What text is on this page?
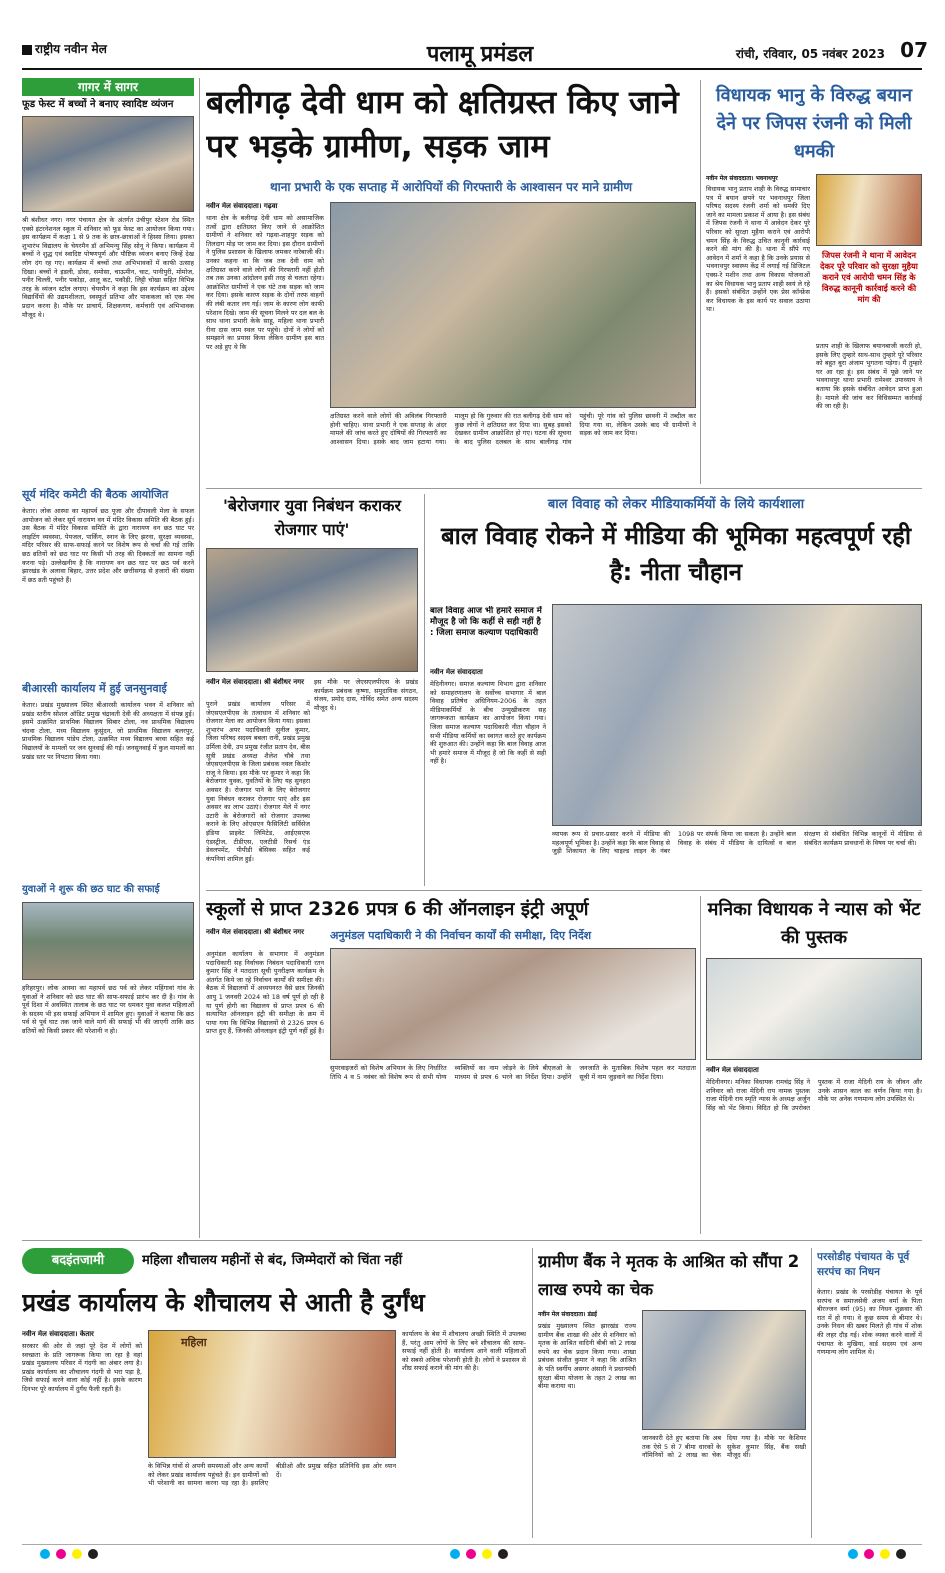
राष्ट्रीय नवीन मेल	पलामू प्रमंडल	रांची, रविवार, 05 नवंबर 2023 07
गागर में सागर
फूड फेस्ट में बच्चों ने बनाए स्वादिष्ट व्यंजन
श्री बंशीधर नगर। नगर पंचायत क्षेत्र के अंतर्गत उंचीपुर स्टेशन रोड स्थित एक्से इंटरनेशनल स्कूल में शनिवार को फूड फेस्ट का आयोजन किया गया। इस कार्यक्रम में कक्षा 1 से 9 तक के छात्र-छात्राओं ने हिस्सा लिया। इसका शुभारंभ विद्यालय के चेयरमैन डॉ अभिमन्यु सिंह सोनू ने किया। कार्यक्रम में बच्चों ने शुद्ध एवं स्वादिष्ट पोषणपूर्ण और पौष्टिक व्यंजन बनाए जिन्हें देख लोग दंग रह गए। कार्यक्रम में बच्चों तथा अभिभावकों में काफी उत्साह दिखा। बच्चों ने इडली, डोसा, समोसा, चाऊमीन, चाट, पानीपुरी, मोमोज, पनीर चिल्ली, पनीर पकोड़ा, आलू कट, पकौड़ी, लिट्टी चोखा सहित विभिन्न तरह के व्यंजन स्टॉल लगाए। चेयरमैन ने कहा कि इस कार्यक्रम का उद्देश्य विद्यार्थियों की उद्यमशीलता, स्वस्फूर्त प्रतिभा और पाककला को एक मंच प्रदान करना है। मौके पर प्राचार्य, शिक्षकगण, कर्मचारी एवं अभिभावक मौजूद थे।
सूर्य मंदिर कमेटी की बैठक आयोजित
केतार। लोक आस्था का महापर्व छठ पूजा और दीपावली मेला के सफल आयोजन को लेकर सूर्य नारायण वन में मंदिर विकास समिति की बैठक हुई। उस बैठक में मंदिर विकास समिति के द्वारा नारायण वन छठ घाट पर लाइटिंग व्यवस्था, पेयजल, पार्किंग, स्नान के लिए झरना, सुरक्षा व्यवस्था, मंदिर परिसर की साफ-सफाई करने पर विशेष रूप से चर्चा की गई ताकि छठ व्रतियों को छठ घाट पर किसी भी तरह की दिक्कतों का सामना नहीं करना पड़े। उल्लेखनीय है कि नारायण वन छठ घाट पर छठ पर्व करने झारखंड के अलावा बिहार, उत्तर प्रदेश और छत्तीसगढ़ से हजारों की संख्या में छठ व्रती पहुंचते हैं।
बीआरसी कार्यालय में हुई जनसुनवाई
केतार। प्रखंड मुख्यालय स्थित बीआरसी कार्यालय भवन में शनिवार को प्रखंड स्तरीय सोशल ऑडिट प्रमुख चंद्रावती देवी की अध्यक्षता में संपन्न हुई। इसमें उत्क्रमित प्राथमिक विद्यालय सिबार टोला, नव प्राथमिक विद्यालय चंदवा टोला, मध्य विद्यालय कुसुंदन, जो प्राथमिक विद्यालय बलरपुर, प्राथमिक विद्यालय पांडेय टोला, उत्क्रमित मध्य विद्यालय बरवा सहित कई विद्यालयों के मामलों पर जन सुनवाई की गई। जनसुनवाई में कुल मामलों का प्रखंड स्तर पर निपटारा किया गया।
युवाओं ने शुरू की छठ घाट की सफाई
हरिहरपुर। लोक आस्था का महापर्व छठ पर्व को लेकर महिंगावां गांव के युवाओं ने शनिवार को छठ घाट की साफ-सफाई प्रारंभ कर दी है। गांव के पूर्व दिशा में अवस्थित तालाब के छठ घाट पर धमकर युवा कलश महिलाओं के सदस्य भी इस सफाई अभियान में शामिल हुए। युवाओं ने बताया कि छठ पर्व से पूर्व घाट तक जाने वाले मार्ग की सफाई भी की जाएगी ताकि छठ व्रतियों को किसी प्रकार की परेशानी न हो।
बलीगढ़ देवी धाम को क्षतिग्रस्त किए जाने पर भड़के ग्रामीण, सड़क जाम
थाना प्रभारी के एक सप्ताह में आरोपियों की गिरफ्तारी के आश्वासन पर माने ग्रामीण
नवीन मेल संवाददाता। गढ़वा
थाना क्षेत्र के बलीगढ़ देवी धाम को असामाजिक तत्वों द्वारा क्षतिग्रस्त किए जाने से आक्रोशित ग्रामीणों ने शनिवार को गढ़वा-शाहपुर सड़क को तिलदाग मोड़ पर जाम कर दिया। इस दौरान ग्रामीणों ने पुलिस प्रशासन के खिलाफ जमकर नारेबाजी की। उनका कहना था कि जब तक देवी धाम को क्षतिग्रस्त करने वाले लोगों की गिरफ्तारी नहीं होती तब तक उनका आंदोलन इसी तरह से चलता रहेगा। आक्रोशित ग्रामीणों ने एक घंटे तक सड़क को जाम कर दिया। इसके कारण सड़क के दोनों तरफ वाहनों की लंबी कतार लग गई। जाम के कारण लोग काफी परेशान दिखे। जाम की सूचना मिलने पर दल बल के साथ थाना प्रभारी केके साहू, महिला थाना प्रभारी रीना दास जाम स्थल पर पहुंचे। दोनों ने लोगों को समझाने का प्रयास किया लेकिन ग्रामीण इस बात पर अड़े हुए थे कि
क्षतिग्रस्त करने वाले लोगों की अविलंब गिरफ्तारी होनी चाहिए। थाना प्रभारी ने एक सप्ताह के अंदर मामले की जांच करते हुए दोषियों की गिरफ्तारी का आश्वासन दिया। इसके बाद जाम हटाया गया। मालूम हो कि गुरुवार की रात बलीगढ़ देवी धाम को कुछ लोगों ने क्षतिग्रस्त कर दिया था। सुबह इसको देखकर ग्रामीण आक्रोशित हो गए। घटना की सूचना के बाद पुलिस दलबल के साथ बालीगढ़ गांव पहुंची। पूरे गांव को पुलिस छावनी में तब्दील कर दिया गया था, लेकिन उसके बाद भी ग्रामीणों ने सड़क को जाम कर दिया।
विधायक भानु के विरुद्ध बयान देने पर जिपस रंजनी को मिली धमकी
नवीन मेल संवाददाता। भवनाथपुर
विधायक भानु प्रताप शाही के विरुद्ध सामाचार पत्र में बयान छपने पर भवनाथपुर जिला परिषद सदस्य रंजनी शर्मा को धमकी दिए जाने का मामला प्रकाश में आया है। इस संबंध में जिपस रंजनी ने थाना में आवेदन देकर पूरे परिवार को सुरक्षा मुहैया कराने एवं आरोपी चमन सिंह के विरुद्ध उचित कानूनी कार्रवाई करने की मांग की है। थाना में सौंपे गए आवेदन में शर्मा ने कहा है कि उनके प्रयास से भवनाथपुर स्वास्थ्य केंद्र में लगाई गई डिजिटल एक्स-रे मशीन तथा अन्य विकास योजनाओं का श्रेय विधायक भानु प्रताप शाही स्वयं ले रहे हैं। इसको संबंधित उन्होंने एक प्रेस कॉन्फ्रेंस कर विधायक के इस कार्य पर सवाल उठाया था।
जिपस रंजनी ने थाना में आवेदन देकर पूरे परिवार को सुरक्षा मुहैया कराने एवं आरोपी चमन सिंह के विरुद्ध कानूनी कार्रवाई करने की मांग की
प्रताप शाही के खिलाफ बयानबाजी करती हो, इसके लिए तुम्हारे साथ-साथ तुम्हारे पूरे परिवार को बहुत बुरा अंजाम भुगतना पड़ेगा। मैं तुम्हारे घर आ रहा हूं। इस संबंध में पूछे जाने पर भवनाथपुर थाना प्रभारी रामेश्वर उपाध्याय ने बताया कि इसके संबंधित आवेदन प्राप्त हुआ है। मामले की जांच कर विधिसम्मत कार्रवाई की जा रही है।
'बेरोजगार युवा निबंधन कराकर रोजगार पाएं'
नवीन मेल संवाददाता। श्री बंशीधर नगर
पुराने प्रखंड कार्यालय परिसर में जेएसएलपीएस के तत्वाधान में शनिवार को रोजगार मेला का आयोजन किया गया। इसका शुभारंभ अपर पदाधिकारी सुनील कुमार, जिला परिषद सदस्य बबला रानी, प्रखंड प्रमुख उर्मिला देवी, उप प्रमुख रंजीत प्रताप देव, बीस सूत्री प्रखंड अध्यक्ष शैलेश चौबे तथा जेएसएलपीएस के जिला प्रबंधक नवल किशोर राजू ने किया। इस मौके पर कुमार ने कहा कि बेरोजगार युवक, युवतियों के लिए यह सुनहरा अवसर है। रोजगार पाने के लिए बेरोजगार युवा निबंधन कराकर रोजगार पाएं और इस अवसर का लाभ उठाएं। रोजगार मेले में नगर उटारी के बेरोजगारों को रोजगार उपलब्ध कराने के लिए ओएसएन फैसिलिटी सर्विसेज इंडिया प्राइवेट लिमिटेड, आईएसएफ एंडस्ट्रीज, टीडीएस, एलटीडी रिसर्च एंड डेवलपमेंट, पीपीडी बेसिक्स सहित कई कंपनियां शामिल हुई।
इस मौके पर जेएसएलपीएस के प्रखंड कार्यक्रम प्रबंधक कृष्णा, समुदायिक संगठन, संजय, प्रमोद दास, गोविंद समेत अन्य सदस्य मौजूद थे।
बाल विवाह को लेकर मीडियाकर्मियों के लिये कार्यशाला
बाल विवाह रोकने में मीडिया की भूमिका महत्वपूर्ण रही है: नीता चौहान
बाल विवाह आज भी हमारे समाज में मौजूद है जो कि कहीं से सही नहीं है : जिला समाज कल्याण पदाधिकारी
नवीन मेल संवाददाता
मेदिनीनगर। समाज कल्याण विभाग द्वारा शनिवार को समाहरणालय के सर्वोच्च सभागार में बाल विवाह प्रतिषेध अधिनियम-2006 के तहत मीडियाकर्मियों के बीच उन्मुखीकरण सह जागरूकता कार्यक्रम का आयोजन किया गया। जिला समाज कल्याण पदाधिकारी नीता चौहान ने सभी मीडिया कर्मियों का स्वागत करते हुए कार्यक्रम की शुरुआत की। उन्होंने कहा कि बाल विवाह आज भी हमारे समाज में मौजूद है जो कि कहीं से सही नहीं है।
व्यापक रूप से प्रचार-प्रसार करने में मीडिया की महत्वपूर्ण भूमिका है। उन्होंने कहा कि बाल विवाह से जुड़ी शिकायत के लिए चाइल्ड लाइन के नंबर 1098 पर संपर्क किया जा सकता है। उन्होंने बाल विवाह के संबंध में मीडिया के दायित्वों व बाल संरक्षण से संबंधित विभिन्न कानूनों में मीडिया से संबंधित कार्यक्रम प्रावधानों के विषय पर चर्चा की।
स्कूलों से प्राप्त 2326 प्रपत्र 6 की ऑनलाइन इंट्री अपूर्ण
नवीन मेल संवाददाता। श्री बंशीधर नगर
अनुमंडल कार्यालय के सभागार में अनुमंडल पदाधिकारी सह निर्वाचक निबंधन पदाधिकारी रतन कुमार सिंह ने मतदाता सूची पुनरीक्षण कार्यक्रम के अंतर्गत किये जा रहे निर्वाचन कार्यों की समीक्षा की। बैठक में विद्यालयों में अध्ययनरत वैसे छात्र जिनकी आयु 1 जनवरी 2024 को 18 वर्ष पूर्ण हो रही है या पूर्ण होगी का विद्यालय से प्राप्त प्रपत्र 6 की सत्यापित ऑनलाइन इंट्री की समीक्षा के क्रम में पाया गया कि विभिन्न विद्यालयों से 2326 प्रपत्र 6 प्राप्त हुए हैं, जिनकी ऑनलाइन इंट्री पूर्ण नहीं हुई है।
अनुमंडल पदाधिकारी ने की निर्वाचन कार्यों की समीक्षा, दिए निर्देश
सुपरवाइजरों को विशेष अभियान के लिए निर्धारित तिथि 4 व 5 नवंबर को विशेष रूप से सभी योग्य व्यक्तियों का नाम जोड़ने के लिये बीएलओ के माध्यम से प्रपत्र 6 भरने का निर्देश दिया। उन्होंने जनजाति के मुताबिक विशेष पहल कर मतदाता सूची में नाम जुड़वाने का निर्देश दिया।
मनिका विधायक ने न्यास को भेंट की पुस्तक
नवीन मेल संवाददाता
मेदिनीनगर। मनिका विधायक रामचंद्र सिंह ने शनिवार को राजा मेदिनी राय नामक पुस्तक राजा मेदिनी राय स्मृति न्यास के अध्यक्ष अर्जुन सिंह को भेंट किया। विदित हो कि उपरोक्त पुस्तक में राजा मेदिनी राय के जीवन और उनके शासन काल का वर्णन किया गया है। मौके पर अनेक गणमान्य लोग उपस्थित थे।
बदइंतजामी	महिला शौचालय महीनों से बंद, जिम्मेदारों को चिंता नहीं
प्रखंड कार्यालय के शौचालय से आती है दुर्गंध
नवीन मेल संवाददाता। केतार
सरकार की ओर से जहां पूरे देश में लोगों को स्वच्छता के प्रति जागरूक किया जा रहा है वहां प्रखंड मुख्यालय परिसर में गंदगी का अंबार लगा है। प्रखंड कार्यालय का शौचालय गंदगी से भरा पड़ा है, जिसे सफाई करने वाला कोई नहीं है। इसके कारण दिनभर पूरे कार्यालय में दुर्गंध फैली रहती है।
महिला
के विभिन्न गांवों से अपनी समस्याओं और अन्य कार्यों को लेकर प्रखंड कार्यालय पहुंचते हैं। इन ग्रामीणों को भी परेशानी का सामना करना पड़ रहा है। इसलिए बीडीओ और प्रमुख सहित प्रतिनिधि इस ओर ध्यान दें।
कार्यालय के बेस में शौचालय अच्छी स्थिति में उपलब्ध हैं, परंतु आम लोगों के लिए बने शौचालय की साफ-सफाई नहीं होती है। कार्यालय आने वाली महिलाओं को सबसे अधिक परेशानी होती है। लोगों ने प्रशासन से शीघ्र सफाई कराने की मांग की है।
ग्रामीण बैंक ने मृतक के आश्रित को सौंपा 2 लाख रुपये का चेक
नवीन मेल संवाददाता। डंडई
प्रखंड मुख्यालय स्थित झारखंड राज्य ग्रामीण बैंक शाखा की ओर से शनिवार को मृतक के आश्रित वादिनी बीबी को 2 लाख रुपये का चेक प्रदान किया गया। शाखा प्रबंधक संजीत कुमार ने कहा कि आश्रित के पति स्वर्गीय असगर अंसारी ने प्रधानमंत्री सुरक्षा बीमा योजना के तहत 2 लाख का बीमा कराया था।
जानकारी देते हुए बताया कि अब तक ऐसे 5 से 7 बीमा धारकों के नॉमिनियों को 2 लाख का चेक दिया गया है। मौके पर कैशियर सुकेश कुमार सिंह, बैंक सखी मौजूद थीं।
परसोडीह पंचायत के पूर्व सरपंच का निधन
केतार। प्रखंड के परसोडीह पंचायत के पूर्व सरपंच व समाजसेवी अजय वर्मा के पिता बीरज्जन वर्मा (95) का निधन शुक्रवार की रात में हो गया। वे कुछ समय से बीमार थे। उनके निधन की खबर मिलते ही गांव में शोक की लहर दौड़ गई। शोक व्यक्त करने वालों में पंचायत के मुखिया, वार्ड सदस्य एवं अन्य गणमान्य लोग शामिल थे।
